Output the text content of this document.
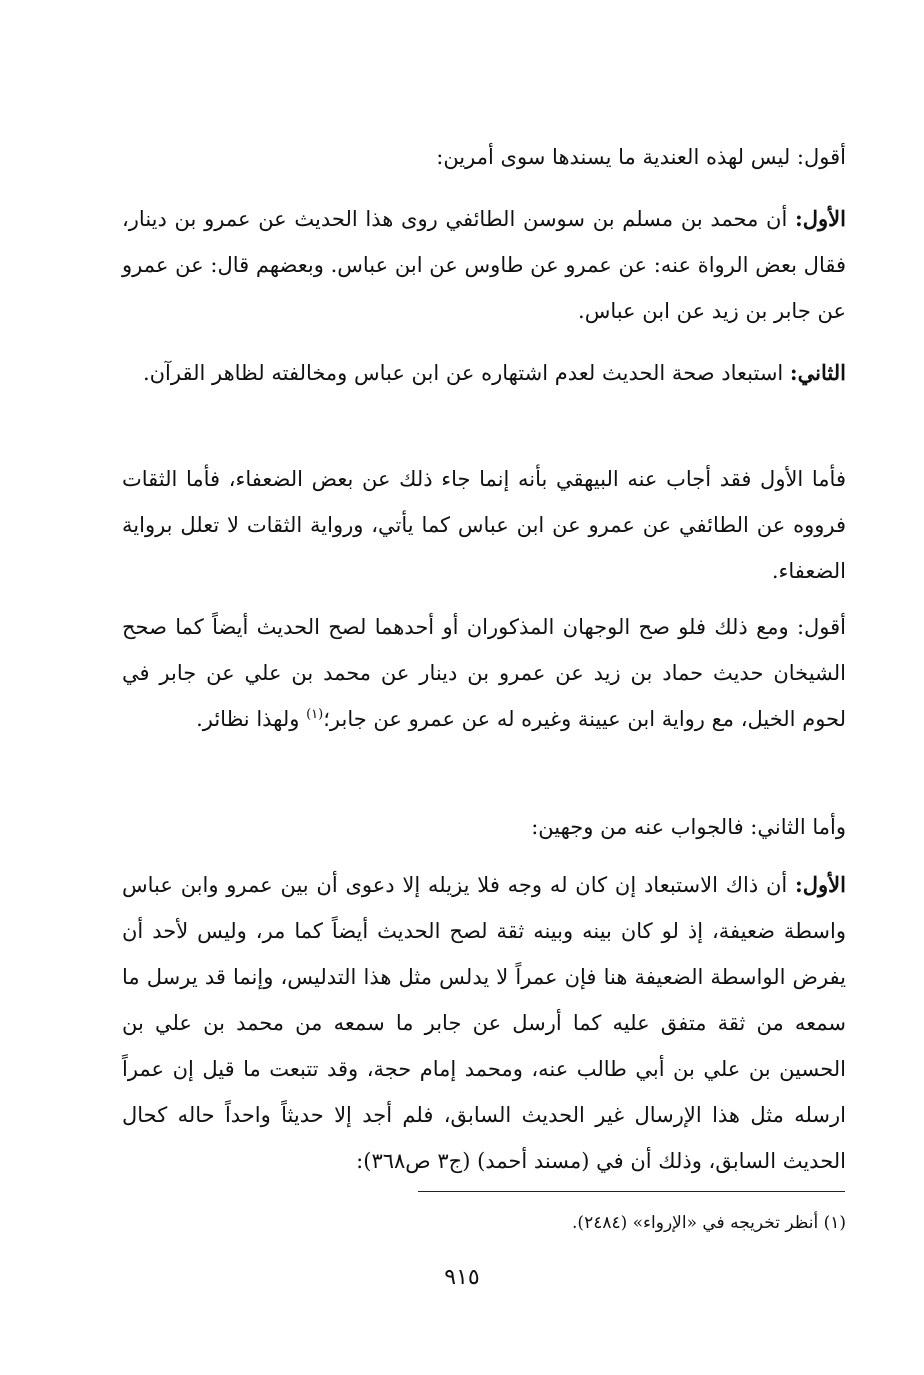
أقول: ليس لهذه العندية ما يسندها سوى أمرين:

الأول: أن محمد بن مسلم بن سوسن الطائفي روى هذا الحديث عن عمرو بن دينار، فقال بعض الرواة عنه: عن عمرو عن طاوس عن ابن عباس. وبعضهم قال: عن عمرو عن جابر بن زيد عن ابن عباس.

الثاني: استبعاد صحة الحديث لعدم اشتهاره عن ابن عباس ومخالفته لظاهر القرآن.

فأما الأول فقد أجاب عنه البيهقي بأنه إنما جاء ذلك عن بعض الضعفاء، فأما الثقات فرووه عن الطائفي عن عمرو عن ابن عباس كما يأتي، ورواية الثقات لا تعلل برواية الضعفاء.

أقول: ومع ذلك فلو صح الوجهان المذكوران أو أحدهما لصح الحديث أيضاً كما صحح الشيخان حديث حماد بن زيد عن عمرو بن دينار عن محمد بن علي عن جابر في لحوم الخيل، مع رواية ابن عيينة وغيره له عن عمرو عن جابر؛$^{(١)}$ ولهذا نظائر.

وأما الثاني: فالجواب عنه من وجهين:

الأول: أن ذاك الاستبعاد إن كان له وجه فلا يزيله إلا دعوى أن بين عمرو وابن عباس واسطة ضعيفة، إذ لو كان بينه وبينه ثقة لصح الحديث أيضاً كما مر، وليس لأحد أن يفرض الواسطة الضعيفة هنا فإن عمراً لا يدلس مثل هذا التدليس، وإنما قد يرسل ما سمعه من ثقة متفق عليه كما أرسل عن جابر ما سمعه من محمد بن علي بن الحسين بن علي بن أبي طالب عنه، ومحمد إمام حجة، وقد تتبعت ما قيل إن عمراً ارسله مثل هذا الإرسال غير الحديث السابق، فلم أجد إلا حديثاً واحداً حاله كحال الحديث السابق، وذلك أن في (مسند أحمد) (ج٣ ص٣٦٨):

(١) أنظر تخريجه في «الإرواء» (٢٤٨٤).
٩١٥
